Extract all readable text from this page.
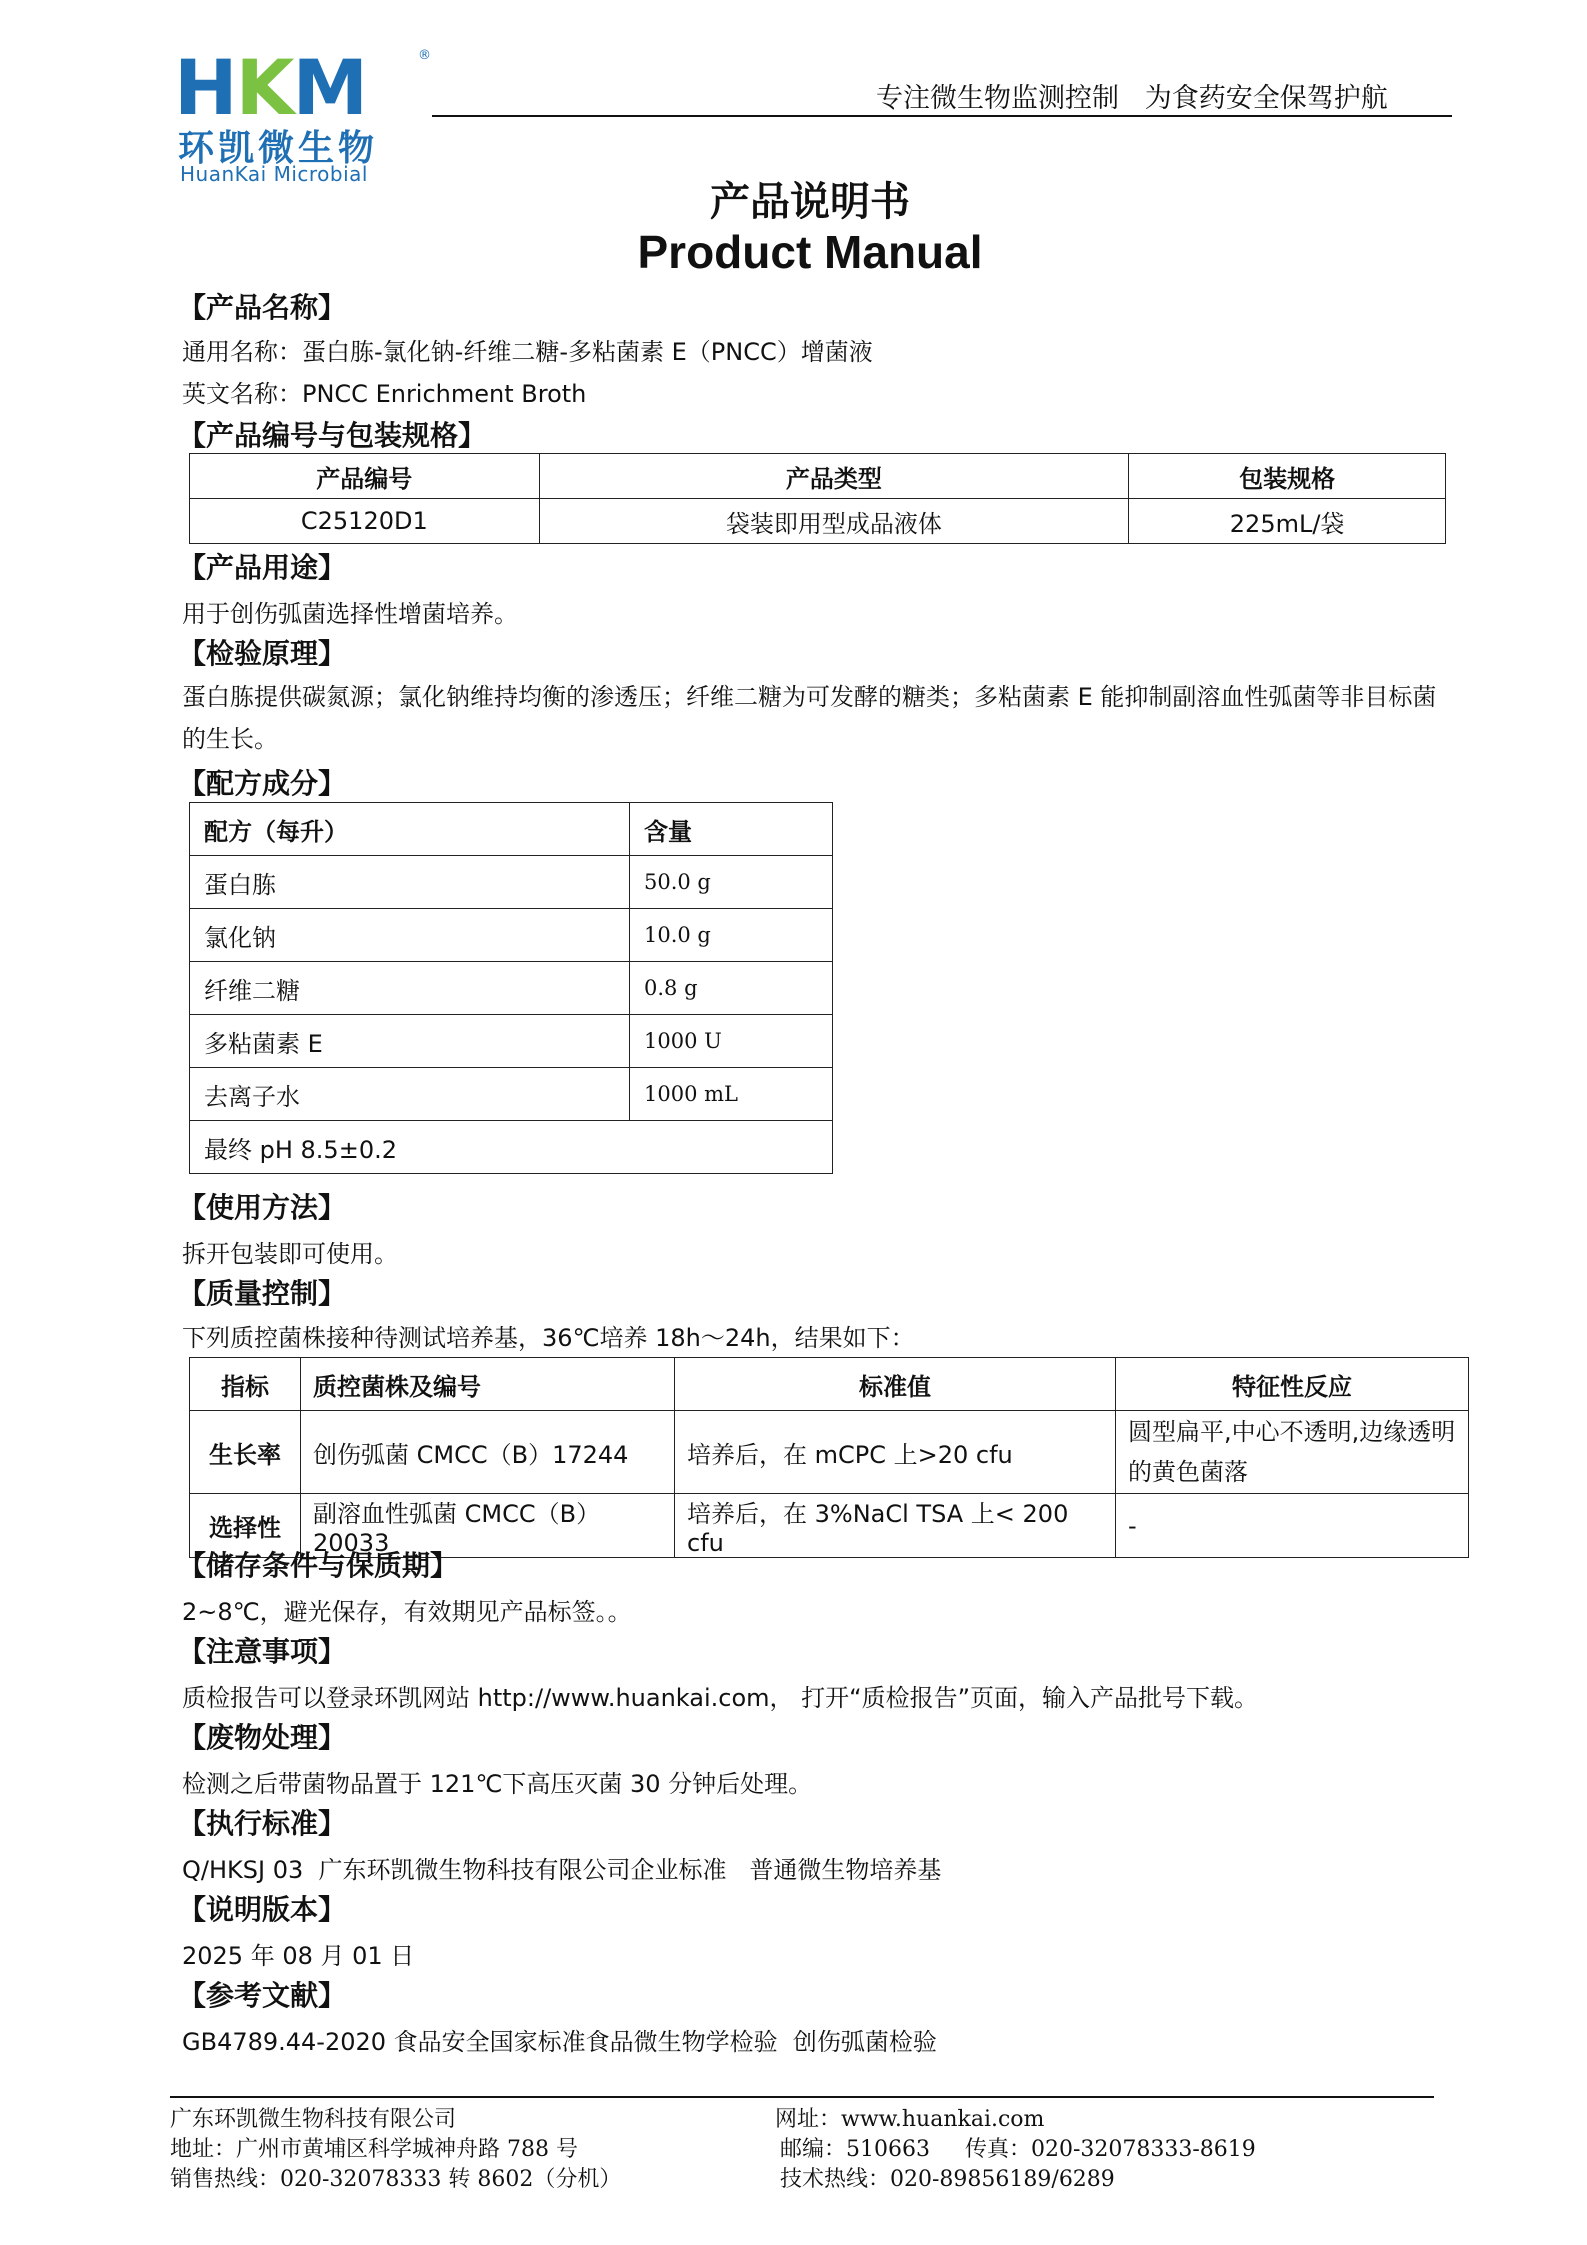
HKM	®
环凯微生物
HuanKai Microbial
专注微生物监测控制   为食药安全保驾护航
产品说明书
Product Manual
【产品名称】
通用名称：蛋白胨-氯化钠-纤维二糖-多粘菌素 E（PNCC）增菌液
英文名称：PNCC Enrichment Broth
【产品编号与包装规格】
产品编号	产品类型	包装规格
C25120D1	袋装即用型成品液体	225mL/袋
【产品用途】
用于创伤弧菌选择性增菌培养。
【检验原理】
蛋白胨提供碳氮源；氯化钠维持均衡的渗透压；纤维二糖为可发酵的糖类；多粘菌素 E 能抑制副溶血性弧菌等非目标菌的生长。
【配方成分】
配方（每升）	含量
蛋白胨	50.0 g
氯化钠	10.0 g
纤维二糖	0.8 g
多粘菌素 E	1000 U
去离子水	1000 mL
最终 pH 8.5±0.2	
【使用方法】
拆开包装即可使用。
【质量控制】
下列质控菌株接种待测试培养基，36℃培养 18h～24h，结果如下：
指标	质控菌株及编号	标准值	特征性反应
生长率	创伤弧菌 CMCC（B）17244	培养后，在 mCPC 上>20 cfu	圆型扁平,中心不透明,边缘透明的黄色菌落
选择性	副溶血性弧菌 CMCC（B）20033	培养后，在 3%NaCl TSA 上< 200 cfu	-
【储存条件与保质期】
2~8℃，避光保存，有效期见产品标签。。
【注意事项】
质检报告可以登录环凯网站 http://www.huankai.com， 打开“质检报告”页面，输入产品批号下载。
【废物处理】
检测之后带菌物品置于 121℃下高压灭菌 30 分钟后处理。
【执行标准】
Q/HKSJ 03  广东环凯微生物科技有限公司企业标准   普通微生物培养基
【说明版本】
2025 年 08 月 01 日
【参考文献】
GB4789.44-2020 食品安全国家标准食品微生物学检验  创伤弧菌检验
广东环凯微生物科技有限公司
地址：广州市黄埔区科学城神舟路 788 号
销售热线：020-32078333 转 8602（分机）
网址：www.huankai.com
邮编：510663     传真：020-32078333-8619
技术热线：020-89856189/6289
